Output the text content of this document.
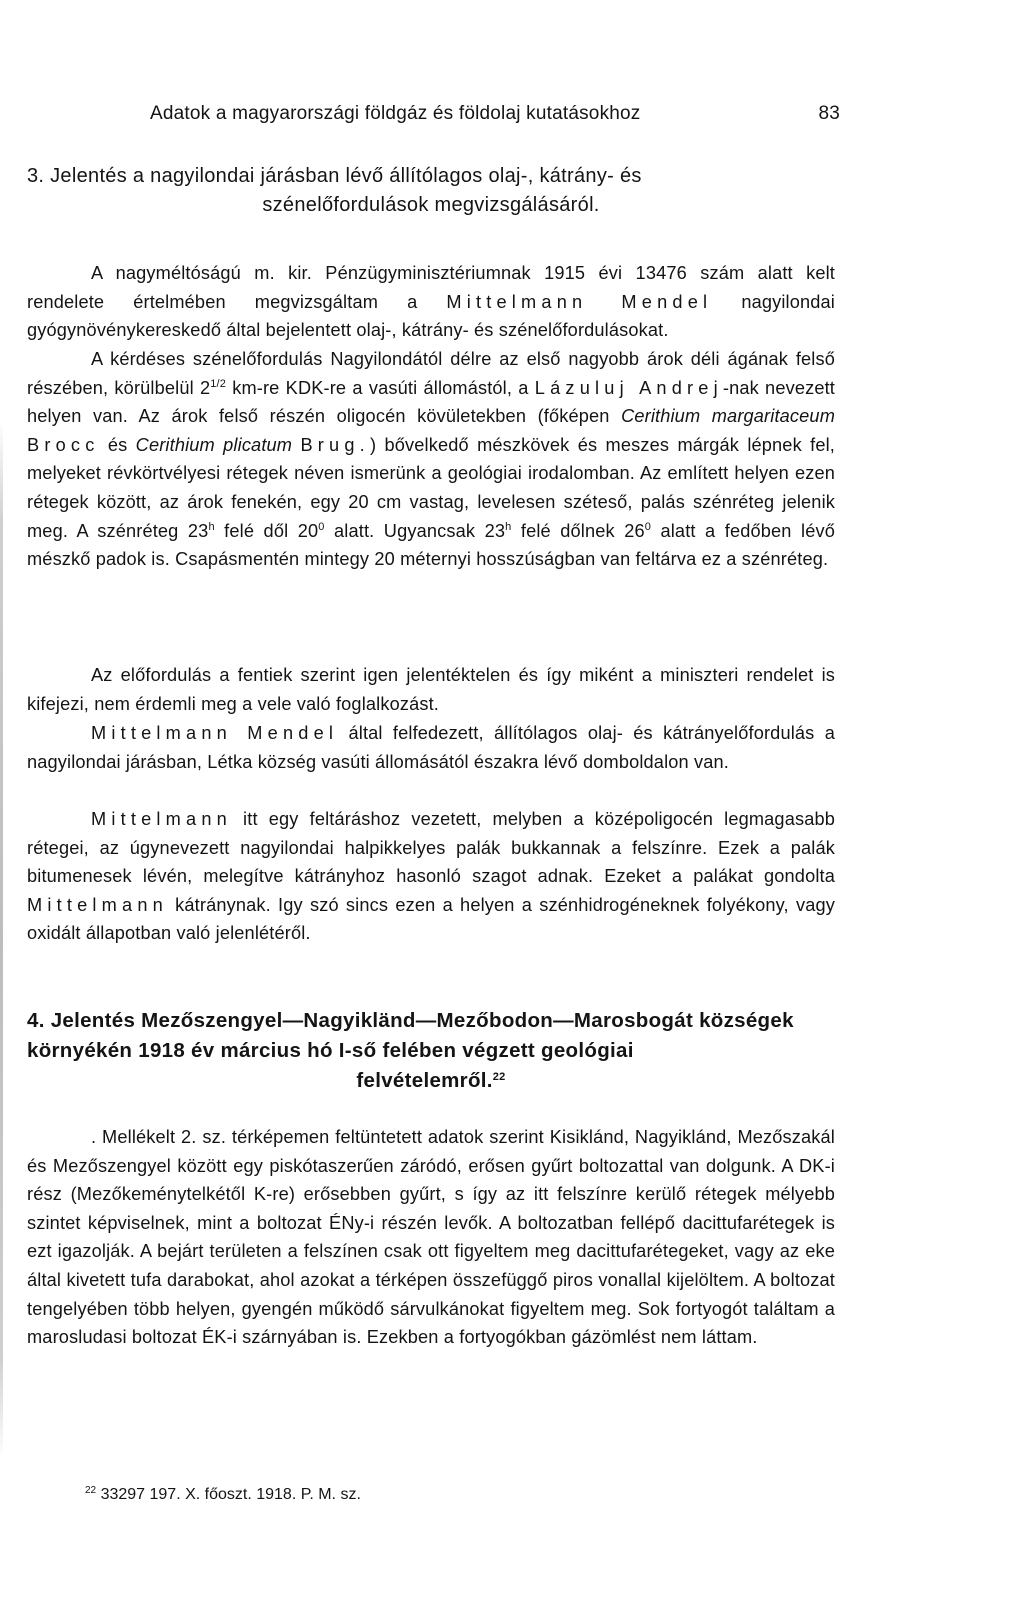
Adatok a magyarországi földgáz és földolaj kutatásokhoz	83
3. Jelentés a nagyilondai járásban lévő állítólagos olaj-, kátrány- és
szénelőfordulások megvizsgálásáról.

A nagyméltóságú m. kir. Pénzügyminisztériumnak 1915 évi 13476 szám alatt kelt rendelete értelmében megvizsgáltam a Mittelmann Mendel nagyilondai gyógynövénykereskedő által bejelentett olaj-, kátrány- és szénelőfordulásokat.

A kérdéses szénelőfordulás Nagyilondától délre az első nagyobb árok déli ágának felső részében, körülbelül $2^{1/2}$ km-re KDK-re a vasúti állomástól, a Lázuluj Andrej-nak nevezett helyen van. Az árok felső részén oligocén kövületekben (főképen Cerithium margaritaceum Brocc és Cerithium plicatum Brug.) bővelkedő mészkövek és meszes márgák lépnek fel, melyeket révkörtvélyesi rétegek néven ismerünk a geológiai irodalomban. Az említett helyen ezen rétegek között, az árok fenekén, egy 20 cm vastag, levelesen széteső, palás szénréteg jelenik meg. A szénréteg 23$^h$ felé dől $20^0$ alatt. Ugyancsak 23$^h$ felé dőlnek $26^0$ alatt a fedőben lévő mészkő padok is. Csapásmentén mintegy 20 méternyi hosszúságban van feltárva ez a szénréteg.

Az előfordulás a fentiek szerint igen jelentéktelen és így miként a miniszteri rendelet is kifejezi, nem érdemli meg a vele való foglalkozást.

Mittelmann Mendel által felfedezett, állítólagos olaj- és kátrányelőfordulás a nagyilondai járásban, Létka község vasúti állomásától északra lévő domboldalon van.

Mittelmann itt egy feltáráshoz vezetett, melyben a középoligocén legmagasabb rétegei, az úgynevezett nagyilondai halpikkelyes palák bukkannak a felszínre. Ezek a palák bitumenesek lévén, melegítve kátrányhoz hasonló szagot adnak. Ezeket a palákat gondolta Mittelmann kátránynak. Igy szó sincs ezen a helyen a szénhidrogéneknek folyékony, vagy oxidált állapotban való jelenlétéről.

4. Jelentés Mezőszengyel—Nagyikländ—Mezőbodon—Marosbogát községek környékén 1918 év március hó I-ső felében végzett geológiai
felvételemről.$^{22}$

. Mellékelt 2. sz. térképemen feltüntetett adatok szerint Kisiklánd, Nagyiklánd, Mezőszakál és Mezőszengyel között egy piskótaszerűen záródó, erősen gyűrt boltozattal van dolgunk. A DK-i rész (Mezőkeménytelkétől K-re) erősebben gyűrt, s így az itt felszínre kerülő rétegek mélyebb szintet képviselnek, mint a boltozat ÉNy-i részén levők. A boltozatban fellépő dacittufarétegek is ezt igazolják. A bejárt területen a felszínen csak ott figyeltem meg dacittufarétegeket, vagy az eke által kivetett tufa darabokat, ahol azokat a térképen összefüggő piros vonallal kijelöltem. A boltozat tengelyében több helyen, gyengén működő sárvulkánokat figyeltem meg. Sok fortyogót találtam a marosludasi boltozat ÉK-i szárnyában is. Ezekben a fortyogókban gázömlést nem láttam.

$^{22}$ 33297 197. X. főoszt. 1918. P. M. sz.
